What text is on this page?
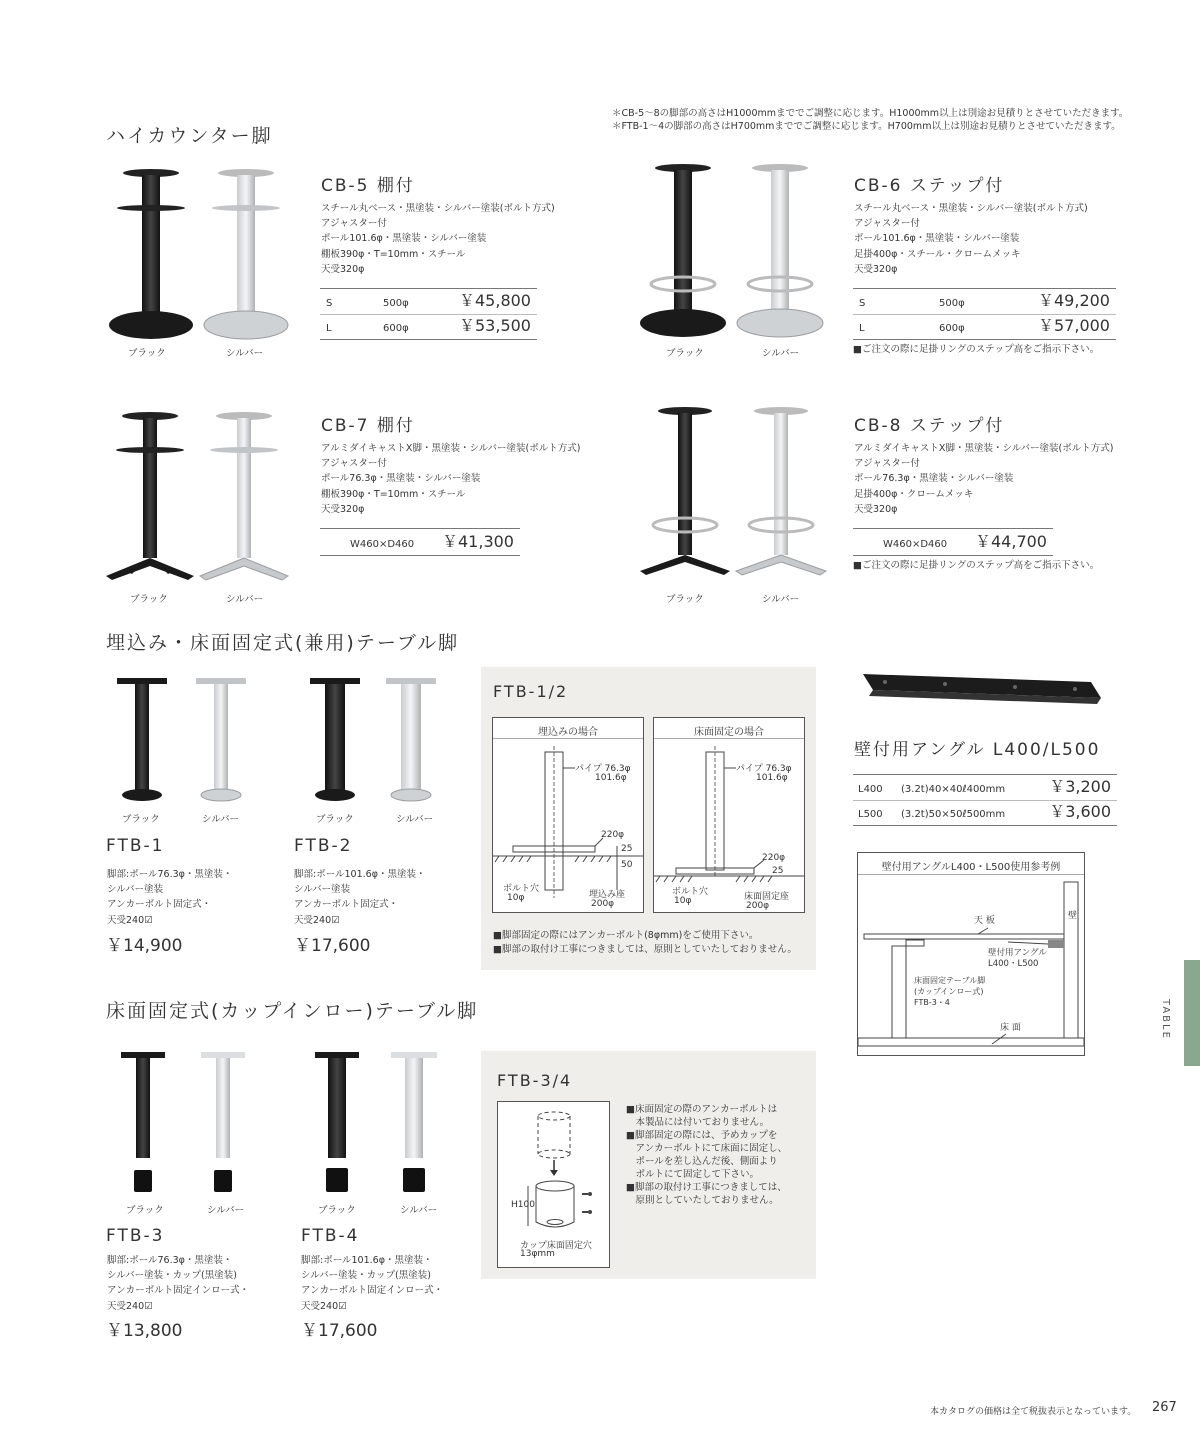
＊CB-5〜8の脚部の高さはH1000mmまででご調整に応じます。H1000mm以上は別途お見積りとさせていただきます。
＊FTB-1〜4の脚部の高さはH700mmまででご調整に応じます。H700mm以上は別途お見積りとさせていただきます。
ハイカウンター脚
ブラック	シルバー
CB-5 棚付
スチール丸ベース・黒塗装・シルバー塗装(ボルト方式)
アジャスター付
ポール101.6φ・黒塗装・シルバー塗装
棚板390φ・T=10mm・スチール
天受320φ
S	500φ	￥45,800
L	600φ	￥53,500
ブラック	シルバー
CB-6 ステップ付
スチール丸ベース・黒塗装・シルバー塗装(ボルト方式)
アジャスター付
ポール101.6φ・黒塗装・シルバー塗装
足掛400φ・スチール・クロームメッキ
天受320φ
S	500φ	￥49,200
L	600φ	￥57,000
■ご注文の際に足掛リングのステップ高をご指示下さい。
ブラック	シルバー
CB-7 棚付
アルミダイキャストX脚・黒塗装・シルバー塗装(ボルト方式)
アジャスター付
ポール76.3φ・黒塗装・シルバー塗装
棚板390φ・T=10mm・スチール
天受320φ
W460×D460 ￥41,300
ブラック	シルバー
CB-8 ステップ付
アルミダイキャストX脚・黒塗装・シルバー塗装(ボルト方式)
アジャスター付
ポール76.3φ・黒塗装・シルバー塗装
足掛400φ・クロームメッキ
天受320φ
W460×D460 ￥44,700
■ご注文の際に足掛リングのステップ高をご指示下さい。
埋込み・床面固定式(兼用)テーブル脚
ブラック	シルバー
FTB-1
脚部:ポール76.3φ・黒塗装・
シルバー塗装
アンカーボルト固定式・
天受240☑
￥14,900
ブラック	シルバー
FTB-2
脚部:ポール101.6φ・黒塗装・
シルバー塗装
アンカーボルト固定式・
天受240☑
￥17,600
FTB-1/2
埋込みの場合
パイプ 76.3φ
101.6φ
220φ
25
50
ボルト穴
10φ	埋込み座
200φ
床面固定の場合
パイプ 76.3φ
101.6φ
220φ
25
ボルト穴
10φ	床面固定座
200φ
■脚部固定の際にはアンカーボルト(8φmm)をご使用下さい。
■脚部の取付け工事につきましては、原則としていたしておりません。
壁付用アングル L400/L500
L400 (3.2t)40×40ℓ400mm	￥3,200
L500 (3.2t)50×50ℓ500mm	￥3,600
壁付用アングルL400・L500使用参考例
天 板	壁
壁付用アングル
L400・L500
床面固定テーブル脚
(カップインロー式)
FTB-3・4
床 面
床面固定式(カップインロー)テーブル脚
ブラック	シルバー
FTB-3
脚部:ポール76.3φ・黒塗装・
シルバー塗装・カップ(黒塗装)
アンカーボルト固定インロー式・
天受240☑
￥13,800
ブラック	シルバー
FTB-4
脚部:ポール101.6φ・黒塗装・
シルバー塗装・カップ(黒塗装)
アンカーボルト固定インロー式・
天受240☑
￥17,600
FTB-3/4
H100
カップ床面固定穴
13φmm
■床面固定の際のアンカーボルトは
　本製品には付いておりません。
■脚部固定の際には、予めカップを
　アンカーボルトにて床面に固定し、
　ポールを差し込んだ後、側面より
　ボルトにて固定して下さい。
■脚部の取付け工事につきましては、
　原則としていたしておりません。
TABLE
本カタログの価格は全て税抜表示となっています。 267
